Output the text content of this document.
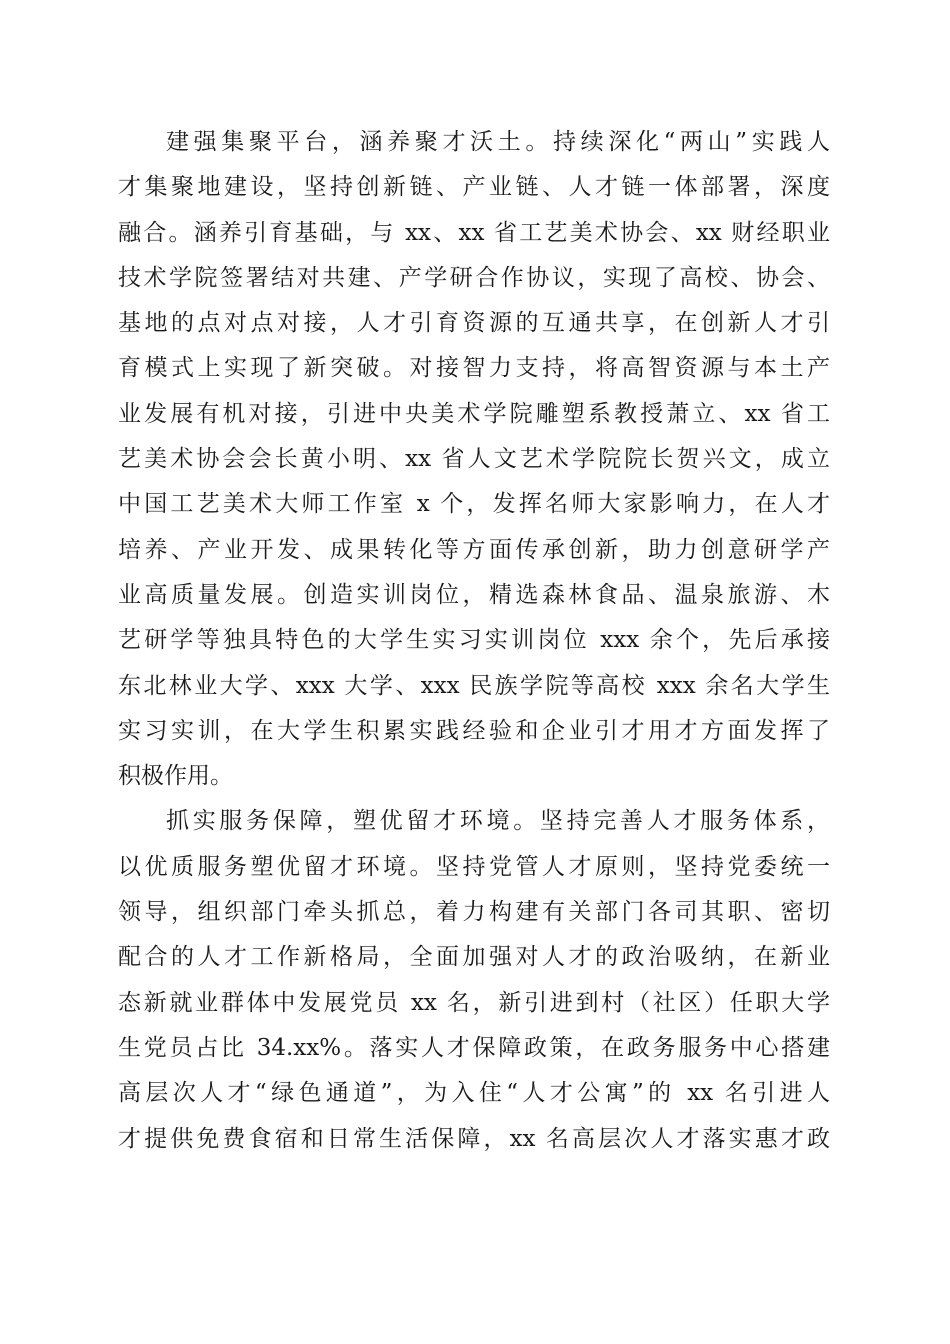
建强集聚平台，涵养聚才沃土。持续深化“两山”实践人
才集聚地建设，坚持创新链、产业链、人才链一体部署，深度
融合。涵养引育基础，与 xx、xx 省工艺美术协会、xx 财经职业
技术学院签署结对共建、产学研合作协议，实现了高校、协会、
基地的点对点对接，人才引育资源的互通共享，在创新人才引
育模式上实现了新突破。对接智力支持，将高智资源与本土产
业发展有机对接，引进中央美术学院雕塑系教授萧立、xx 省工
艺美术协会会长黄小明、xx 省人文艺术学院院长贺兴文，成立
中国工艺美术大师工作室 x 个，发挥名师大家影响力，在人才
培养、产业开发、成果转化等方面传承创新，助力创意研学产
业高质量发展。创造实训岗位，精选森林食品、温泉旅游、木
艺研学等独具特色的大学生实习实训岗位 xxx 余个，先后承接
东北林业大学、xxx 大学、xxx 民族学院等高校 xxx 余名大学生
实习实训，在大学生积累实践经验和企业引才用才方面发挥了
积极作用。
抓实服务保障，塑优留才环境。坚持完善人才服务体系，
以优质服务塑优留才环境。坚持党管人才原则，坚持党委统一
领导，组织部门牵头抓总，着力构建有关部门各司其职、密切
配合的人才工作新格局，全面加强对人才的政治吸纳，在新业
态新就业群体中发展党员 xx 名，新引进到村（社区）任职大学
生党员占比 34.xx%。落实人才保障政策，在政务服务中心搭建
高层次人才“绿色通道”，为入住“人才公寓”的 xx 名引进人
才提供免费食宿和日常生活保障，xx 名高层次人才落实惠才政
